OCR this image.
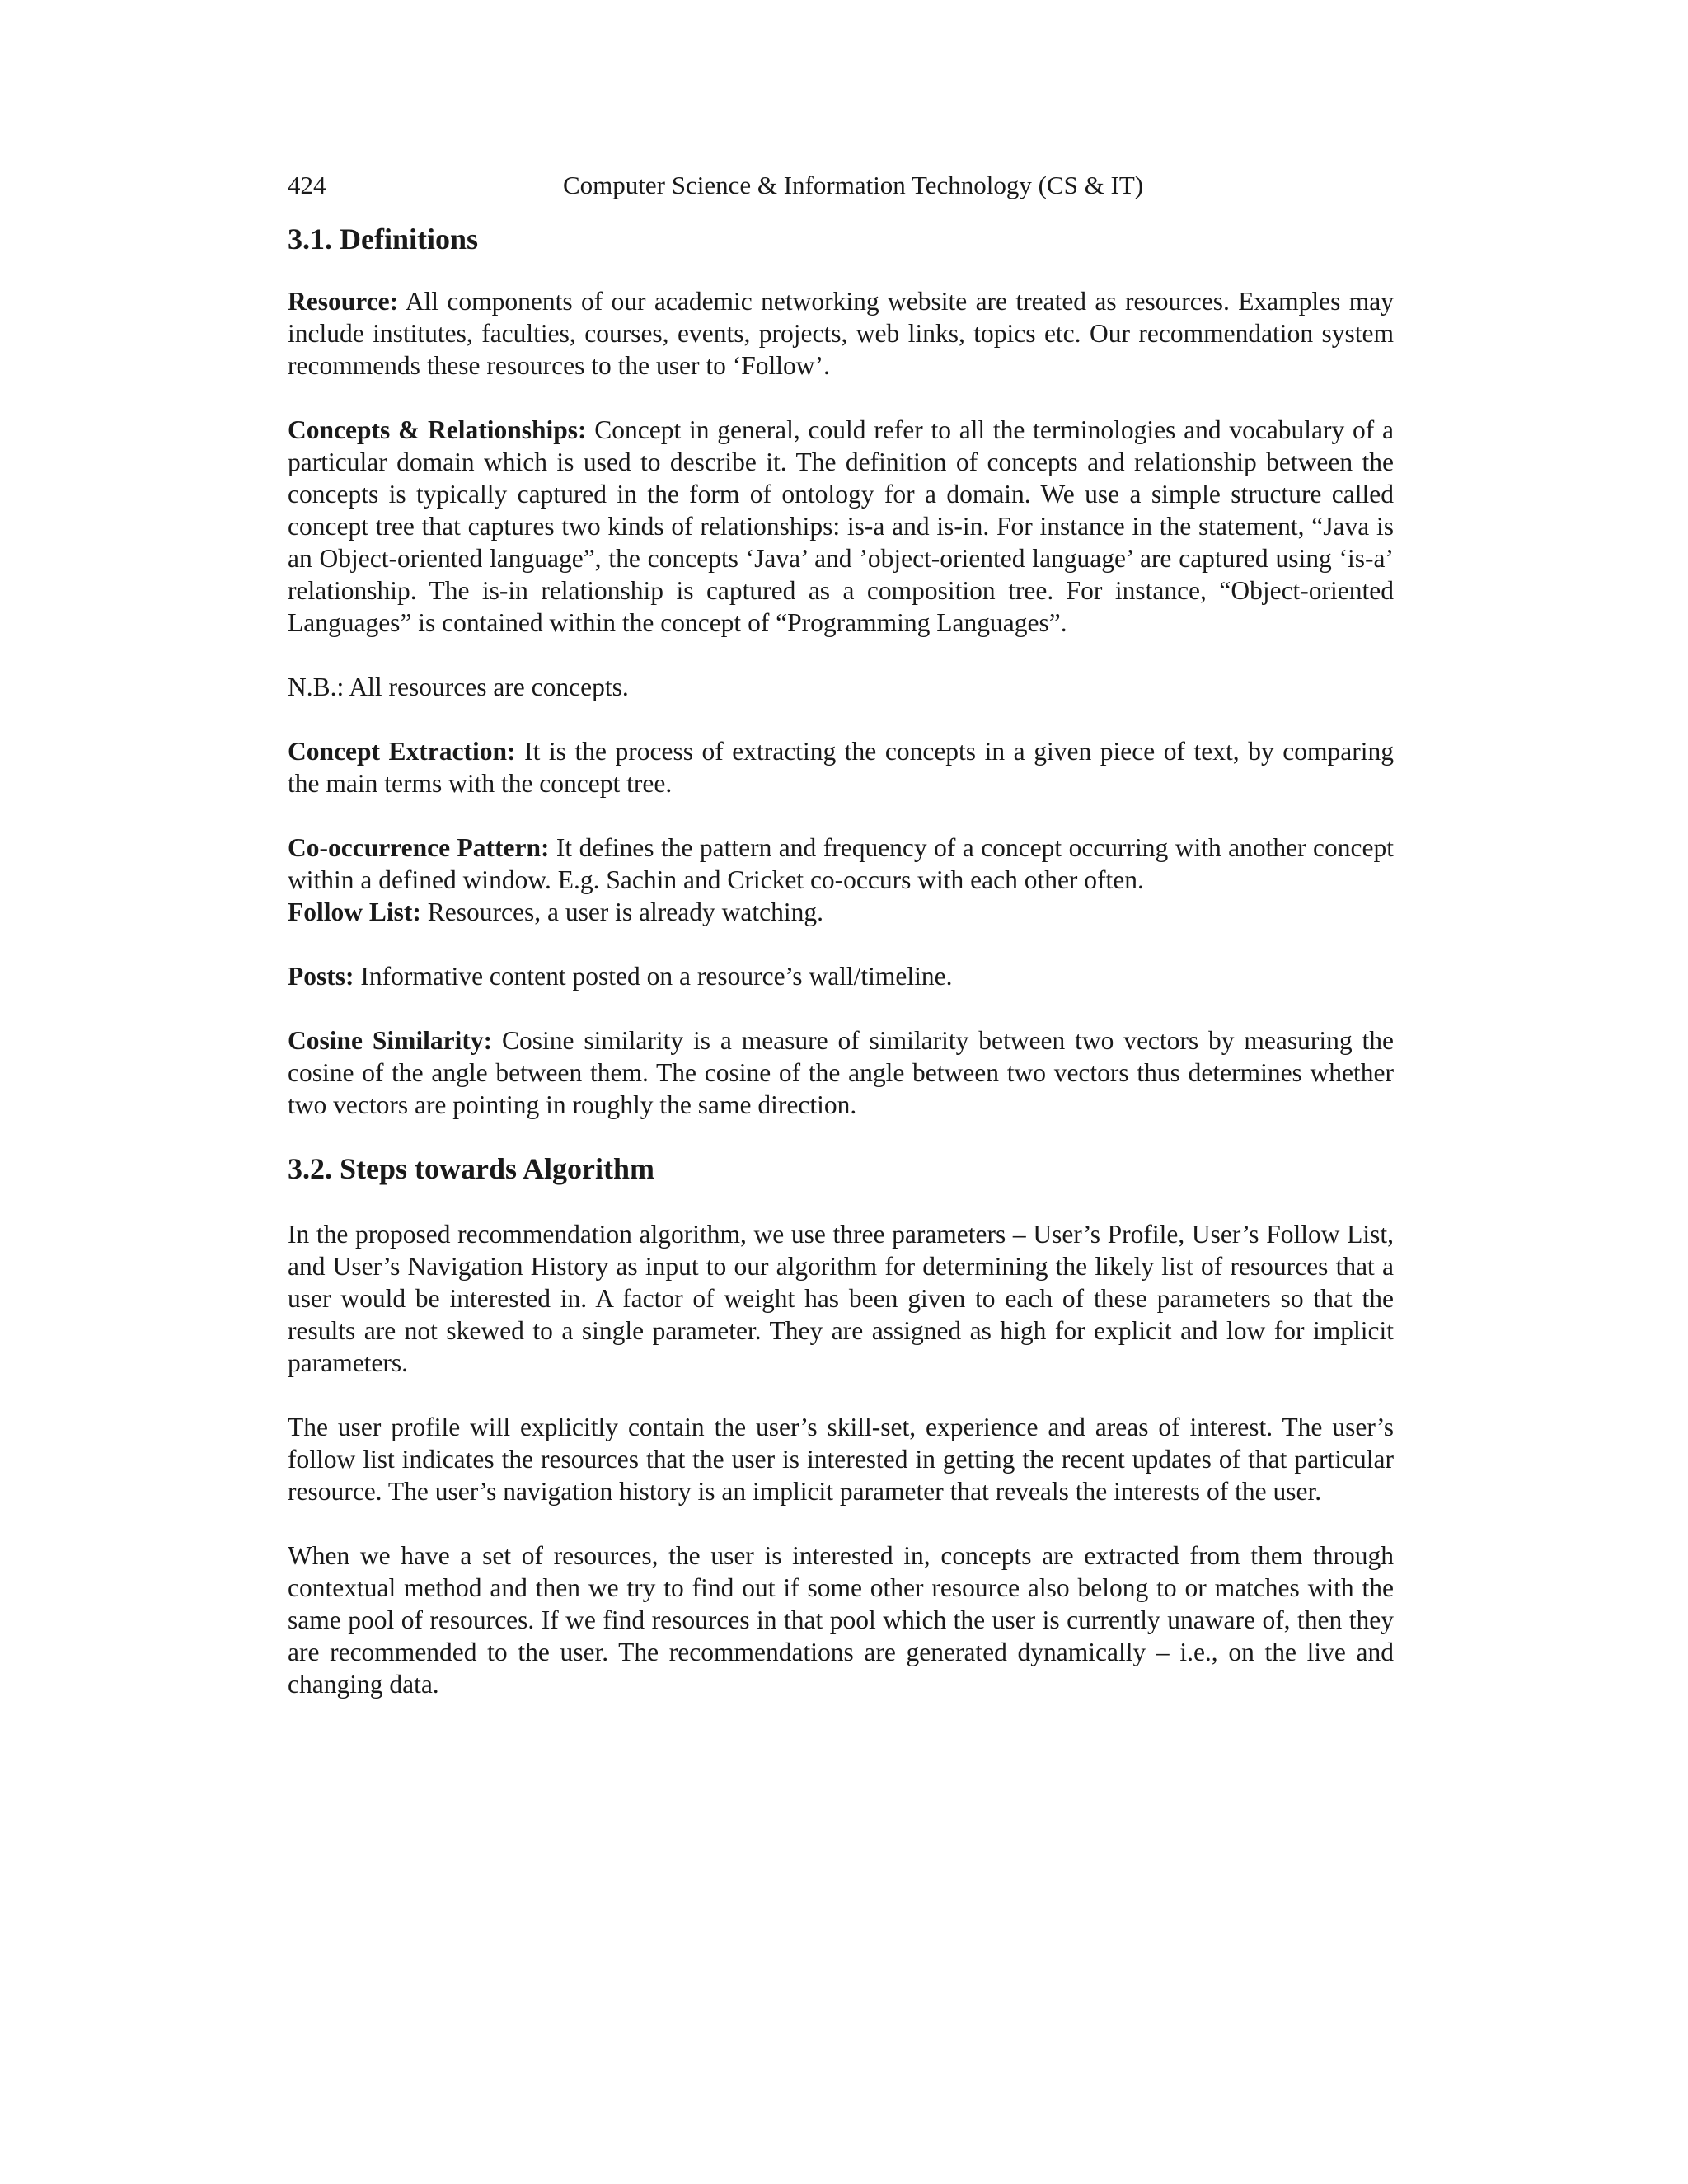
424	Computer Science & Information Technology (CS & IT)
3.1. Definitions

Resource: All components of our academic networking website are treated as resources. Examples may include institutes, faculties, courses, events, projects, web links, topics etc. Our recommendation system recommends these resources to the user to ‘Follow’.

Concepts & Relationships: Concept in general, could refer to all the terminologies and vocabulary of a particular domain which is used to describe it. The definition of concepts and relationship between the concepts is typically captured in the form of ontology for a domain. We use a simple structure called concept tree that captures two kinds of relationships: is-a and is-in. For instance in the statement, “Java is an Object-oriented language”, the concepts ‘Java’ and ’object-oriented language’ are captured using ‘is-a’ relationship. The is-in relationship is captured as a composition tree. For instance, “Object-oriented Languages” is contained within the concept of “Programming Languages”.

N.B.: All resources are concepts.

Concept Extraction: It is the process of extracting the concepts in a given piece of text, by comparing the main terms with the concept tree.

Co-occurrence Pattern: It defines the pattern and frequency of a concept occurring with another concept within a defined window. E.g. Sachin and Cricket co-occurs with each other often.

Follow List: Resources, a user is already watching.

Posts: Informative content posted on a resource’s wall/timeline.

Cosine Similarity: Cosine similarity is a measure of similarity between two vectors by measuring the cosine of the angle between them. The cosine of the angle between two vectors thus determines whether two vectors are pointing in roughly the same direction.

3.2. Steps towards Algorithm

In the proposed recommendation algorithm, we use three parameters – User’s Profile, User’s Follow List, and User’s Navigation History as input to our algorithm for determining the likely list of resources that a user would be interested in. A factor of weight has been given to each of these parameters so that the results are not skewed to a single parameter. They are assigned as high for explicit and low for implicit parameters.

The user profile will explicitly contain the user’s skill-set, experience and areas of interest. The user’s follow list indicates the resources that the user is interested in getting the recent updates of that particular resource. The user’s navigation history is an implicit parameter that reveals the interests of the user.

When we have a set of resources, the user is interested in, concepts are extracted from them through contextual method and then we try to find out if some other resource also belong to or matches with the same pool of resources. If we find resources in that pool which the user is currently unaware of, then they are recommended to the user. The recommendations are generated dynamically – i.e., on the live and changing data.
